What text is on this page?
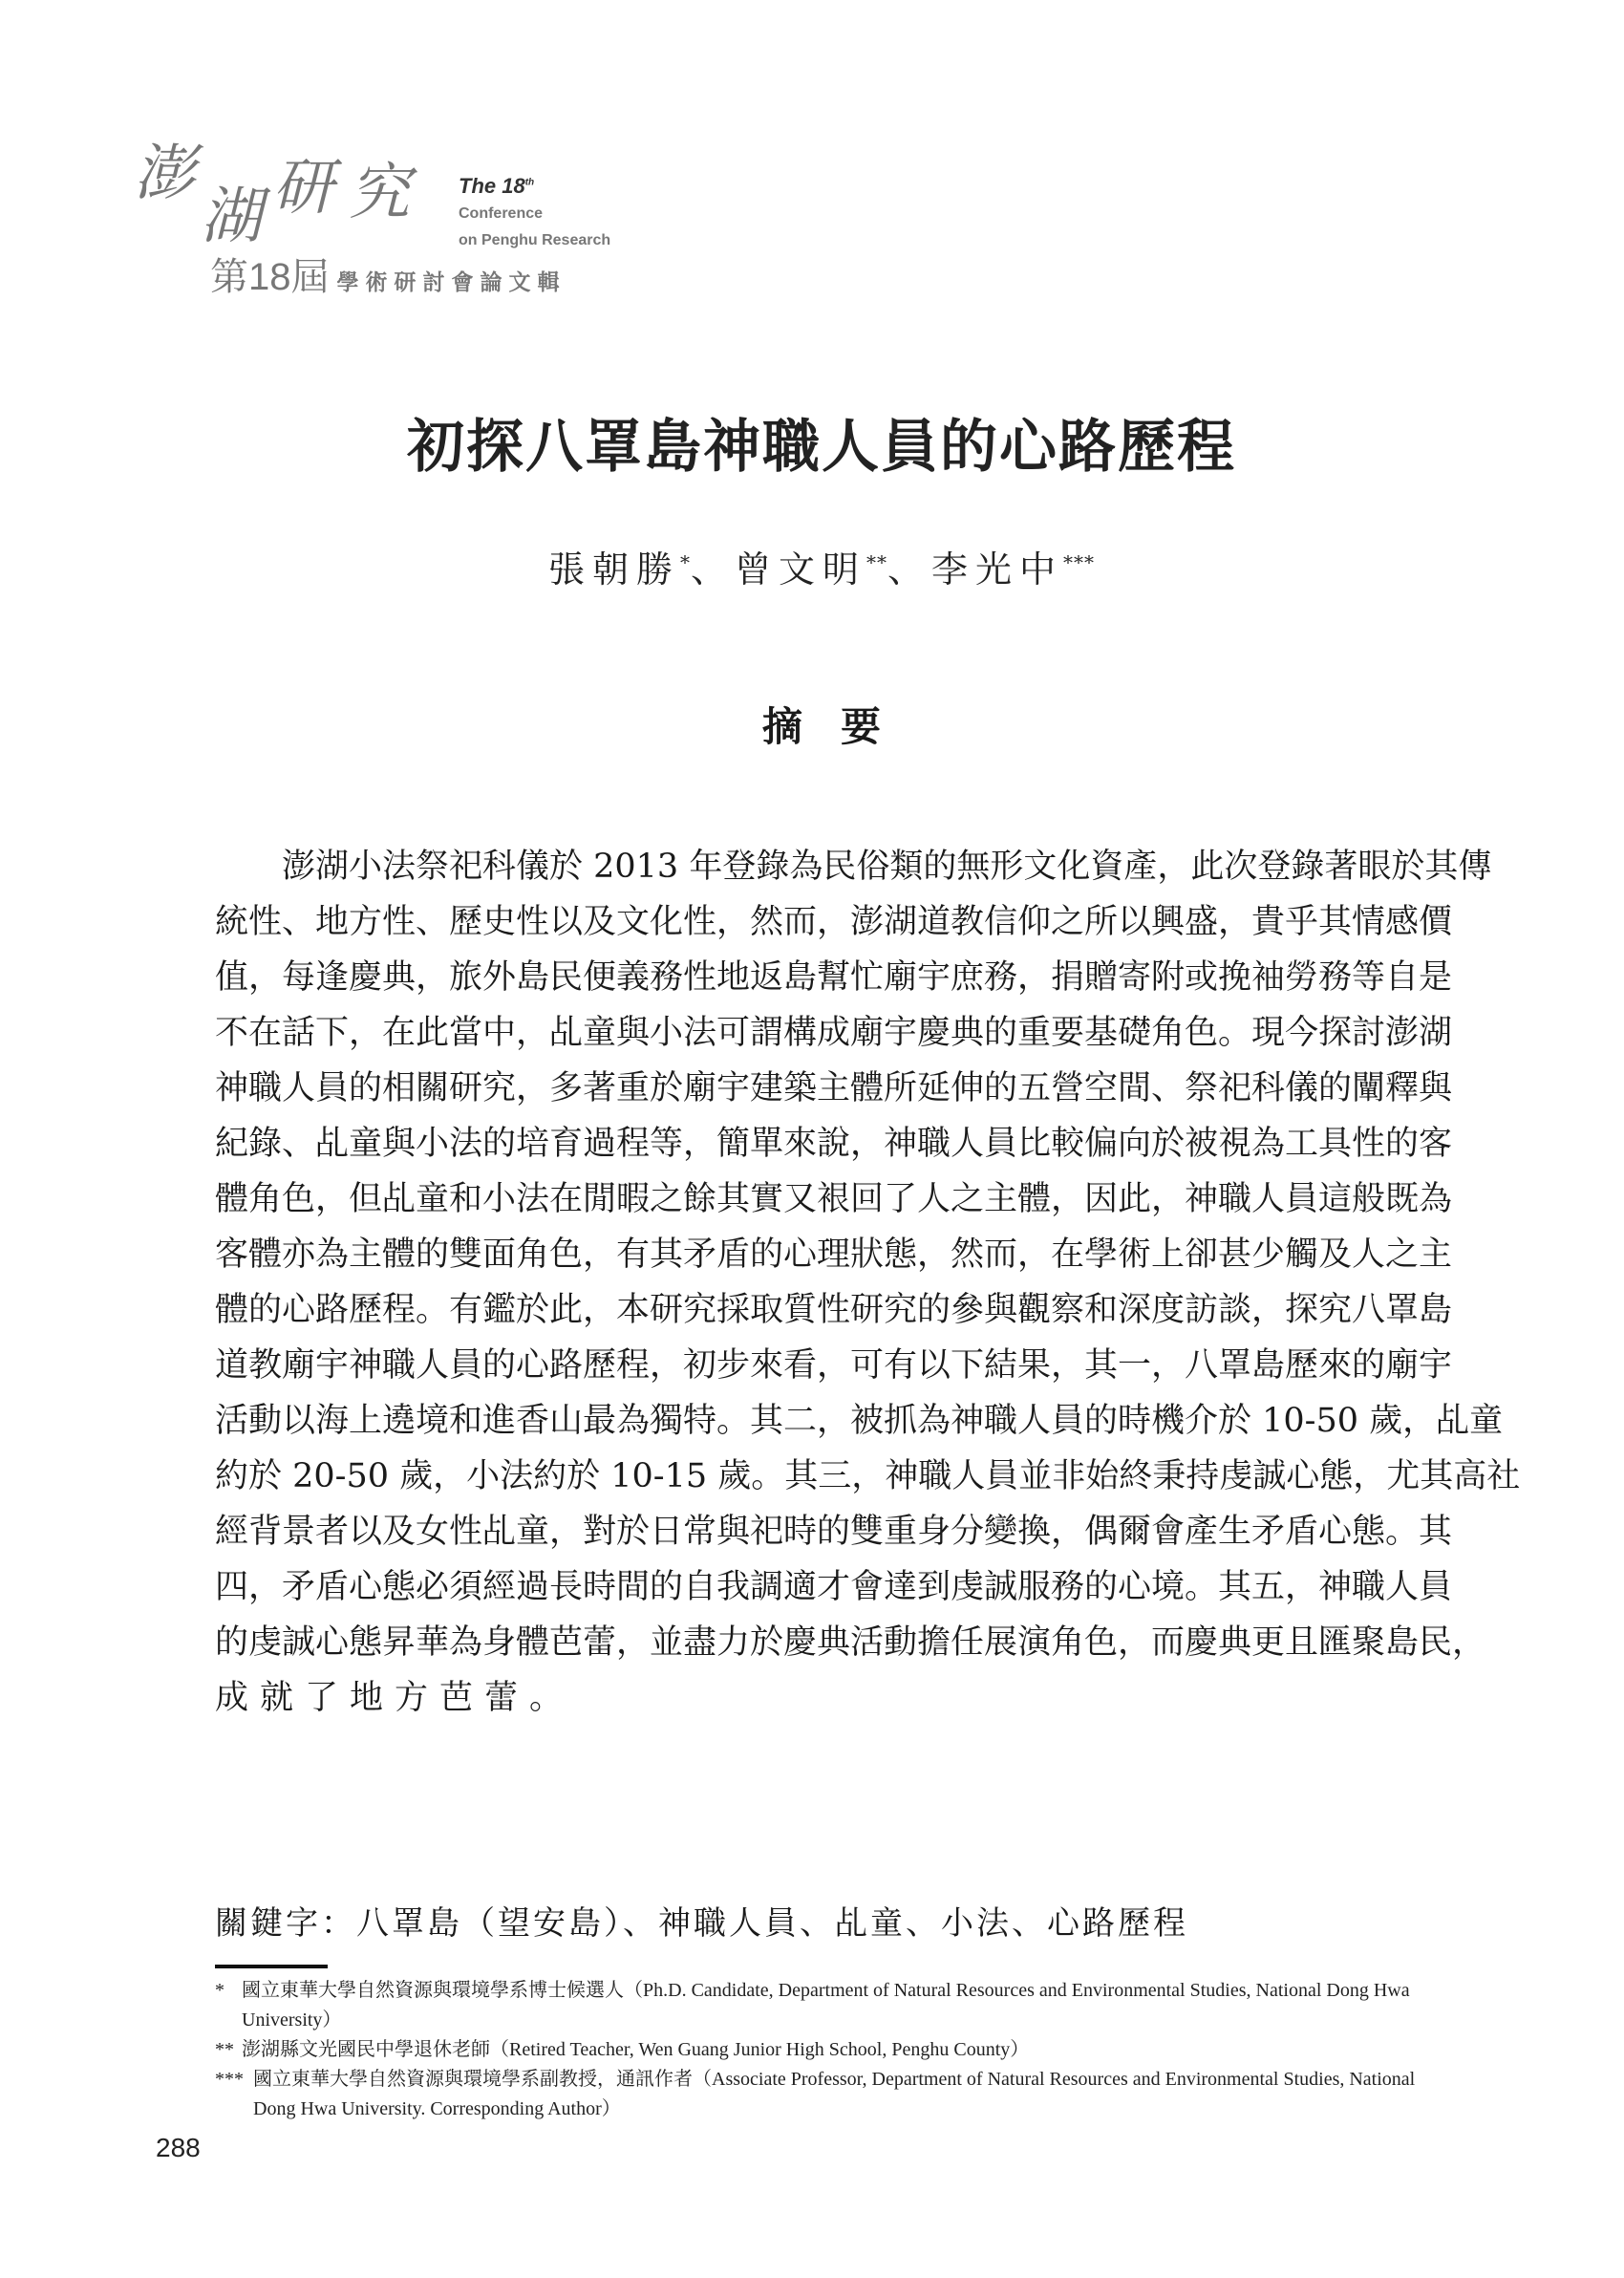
澎
湖 研 究 The 18th
Conference
on Penghu Research
第18屆 學術研討會論文輯
初探八罩島神職人員的心路歷程
張朝勝*、曾文明**、李光中***
摘要
澎湖小法祭祀科儀於 2013 年登錄為民俗類的無形文化資產，此次登錄著眼於其傳
統性、地方性、歷史性以及文化性，然而，澎湖道教信仰之所以興盛，貴乎其情感價
值，每逢慶典，旅外島民便義務性地返島幫忙廟宇庶務，捐贈寄附或挽袖勞務等自是
不在話下，在此當中，乩童與小法可謂構成廟宇慶典的重要基礎角色。現今探討澎湖
神職人員的相關研究，多著重於廟宇建築主體所延伸的五營空間、祭祀科儀的闡釋與
紀錄、乩童與小法的培育過程等，簡單來說，神職人員比較偏向於被視為工具性的客
體角色，但乩童和小法在閒暇之餘其實又裉回了人之主體，因此，神職人員這般既為
客體亦為主體的雙面角色，有其矛盾的心理狀態，然而，在學術上卻甚少觸及人之主
體的心路歷程。有鑑於此，本研究採取質性研究的參與觀察和深度訪談，探究八罩島
道教廟宇神職人員的心路歷程，初步來看，可有以下結果，其一，八罩島歷來的廟宇
活動以海上遶境和進香山最為獨特。其二，被抓為神職人員的時機介於 10-50 歲，乩童
約於 20-50 歲，小法約於 10-15 歲。其三，神職人員並非始終秉持虔誠心態，尤其高社
經背景者以及女性乩童，對於日常與祀時的雙重身分變換，偶爾會產生矛盾心態。其
四，矛盾心態必須經過長時間的自我調適才會達到虔誠服務的心境。其五，神職人員
的虔誠心態昇華為身體芭蕾，並盡力於慶典活動擔任展演角色，而慶典更且匯聚島民，
成就了地方芭蕾。
關鍵字：八罩島（望安島）、神職人員、乩童、小法、心路歷程
* 國立東華大學自然資源與環境學系博士候選人（Ph.D. Candidate, Department of Natural Resources and Environmental Studies, National Dong Hwa University）
** 澎湖縣文光國民中學退休老師（Retired Teacher, Wen Guang Junior High School, Penghu County）
*** 國立東華大學自然資源與環境學系副教授，通訊作者（Associate Professor, Department of Natural Resources and Environmental Studies, National Dong Hwa University. Corresponding Author）
288
